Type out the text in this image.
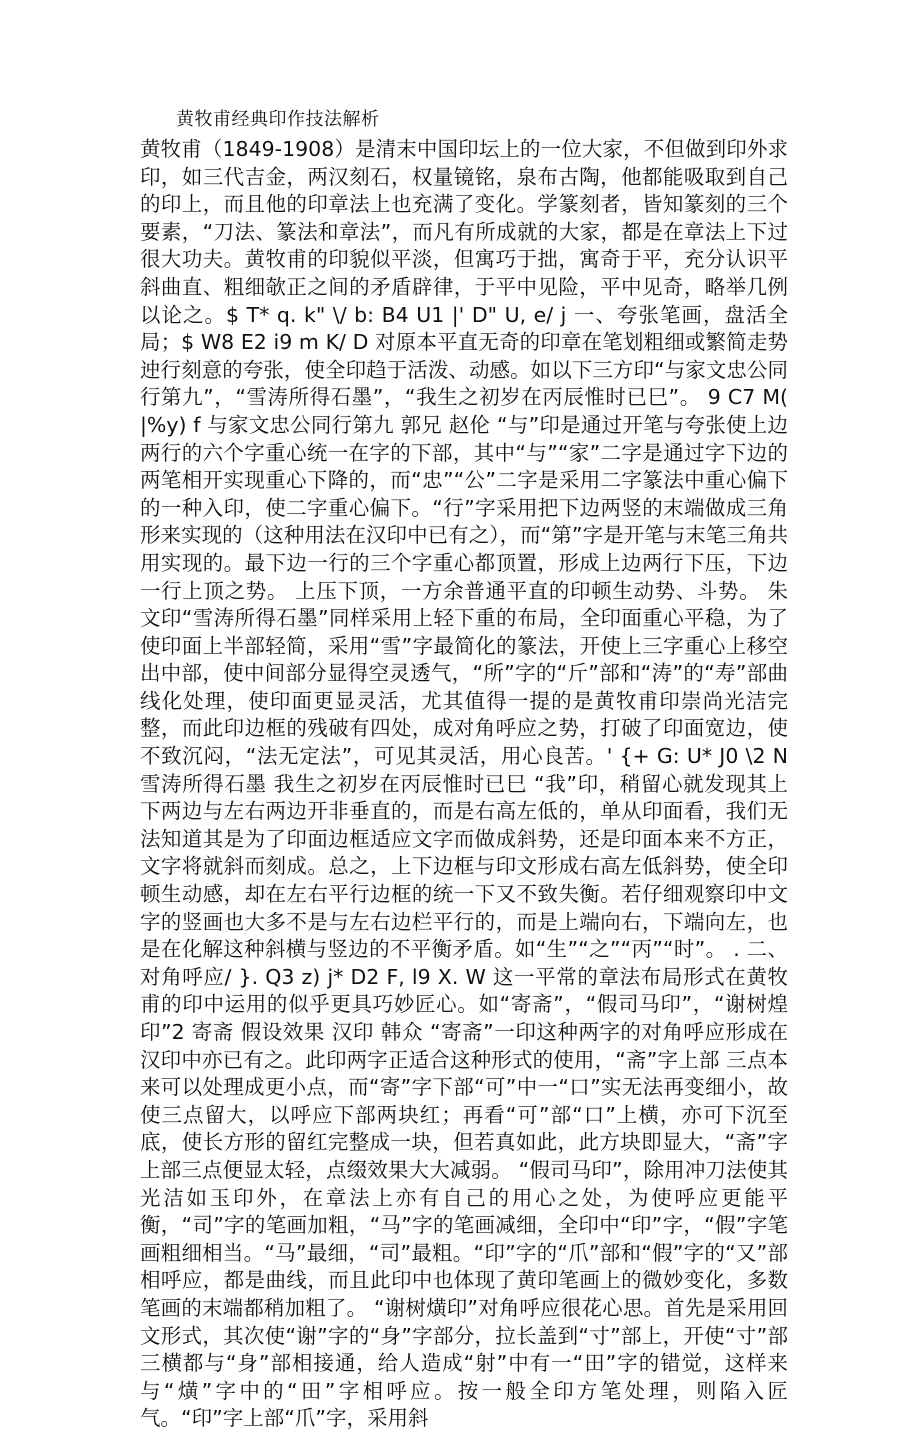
黄牧甫经典印作技法解析

黄牧甫（1849-1908）是清末中国印坛上的一位大家，不但做到印外求印，如三代吉金，两汉刻石，权量镜铭，泉布古陶，他都能吸取到自己的印上，而且他的印章法上也充满了变化。学篆刻者，皆知篆刻的三个要素，“刀法、篆法和章法”，而凡有所成就的大家，都是在章法上下过很大功夫。黄牧甫的印貌似平淡，但寓巧于拙，寓奇于平，充分认识平斜曲直、粗细欹正之间的矛盾辟律，于平中见险，平中见奇，略举几例以论之。$ T* q. k" \/ b: B4 U1 |' D" U, e/ j 一、夸张笔画，盘活全局；$ W8 E2 i9 m K/ D 对原本平直无奇的印章在笔划粗细或繁简走势迚行刻意的夸张，使全印趋于活泼、动感。如以下三方印“与家文忠公同行第九”，“雪涛所得石墨”，“我生之初岁在丙辰惟时已巳”。 9 C7 M( |%y) f 与家文忠公同行第九 郭兄 赵伦 “与”印是通过开笔与夸张使上边两行的六个字重心统一在字的下部，其中“与”“家”二字是通过字下边的两笔相开实现重心下降的，而“忠”“公”二字是采用二字篆法中重心偏下的一种入印，使二字重心偏下。“行”字采用把下边两竖的末端做成三角形来实现的（这种用法在汉印中已有之），而“第”字是开笔与末笔三角共用实现的。最下边一行的三个字重心都顶置，形成上边两行下压，下边一行上顶之势。 上压下顶，一方余普通平直的印顿生动势、斗势。 朱文印“雪涛所得石墨”同样采用上轻下重的布局，全印面重心平稳，为了使印面上半部轻简，采用“雪”字最简化的篆法，开使上三字重心上移空出中部，使中间部分显得空灵透气，“所”字的“斤”部和“涛”的“寿”部曲线化处理，使印面更显灵活，尤其值得一提的是黄牧甫印崇尚光洁完整，而此印边框的残破有四处，成对角呼应之势，打破了印面宽边，使不致沉闷，“法无定法”，可见其灵活，用心良苦。' {+ G: U* J0 \2 N 雪涛所得石墨 我生之初岁在丙辰惟时已巳 “我”印，稍留心就发现其上下两边与左右两边开非垂直的，而是右高左低的，单从印面看，我们无法知道其是为了印面边框适应文字而做成斜势，还是印面本来不方正，文字将就斜而刻成。总之，上下边框与印文形成右高左低斜势，使全印顿生动感，却在左右平行边框的统一下又不致失衡。若仔细观察印中文字的竖画也大多不是与左右边栏平行的，而是上端向右，下端向左，也是在化解这种斜横与竖边的不平衡矛盾。如“生”“之”“丙”“时”。 . 二、对角呼应/ }. Q3 z) j* D2 F, l9 X. W 这一平常的章法布局形式在黄牧甫的印中运用的似乎更具巧妙匠心。如“寄斋”，“假司马印”，“谢树煌印”2 寄斋 假设效果 汉印 韩众 “寄斋”一印这种两字的对角呼应形成在汉印中亦已有之。此印两字正适合这种形式的使用，“斋”字上部 三点本来可以处理成更小点，而“寄”字下部“可”中一“口”实无法再变细小，故使三点留大，以呼应下部两块红；再看“可”部“口”上横，亦可下沉至底，使长方形的留红完整成一块，但若真如此，此方块即显大，“斋”字上部三点便显太轻，点缀效果大大减弱。 “假司马印”，除用冲刀法使其光洁如玉印外，在章法上亦有自己的用心之处，为使呼应更能平衡，“司”字的笔画加粗，“马”字的笔画减细，全印中“印”字，“假”字笔画粗细相当。“马”最细，“司”最粗。“印”字的“爪”部和“假”字的“又”部相呼应，都是曲线，而且此印中也体现了黄印笔画上的微妙变化，多数笔画的末端都稍加粗了。 “谢树熿印”对角呼应很花心思。首先是采用回文形式，其次使“谢”字的“身”字部分，拉长盖到“寸”部上，开使“寸”部三横都与“身”部相接通，给人造成“射”中有一“田”字的错觉，这样来与“熿”字中的“田”字相呼应。按一般全印方笔处理，则陷入匠气。“印”字上部“爪”字，采用斜
